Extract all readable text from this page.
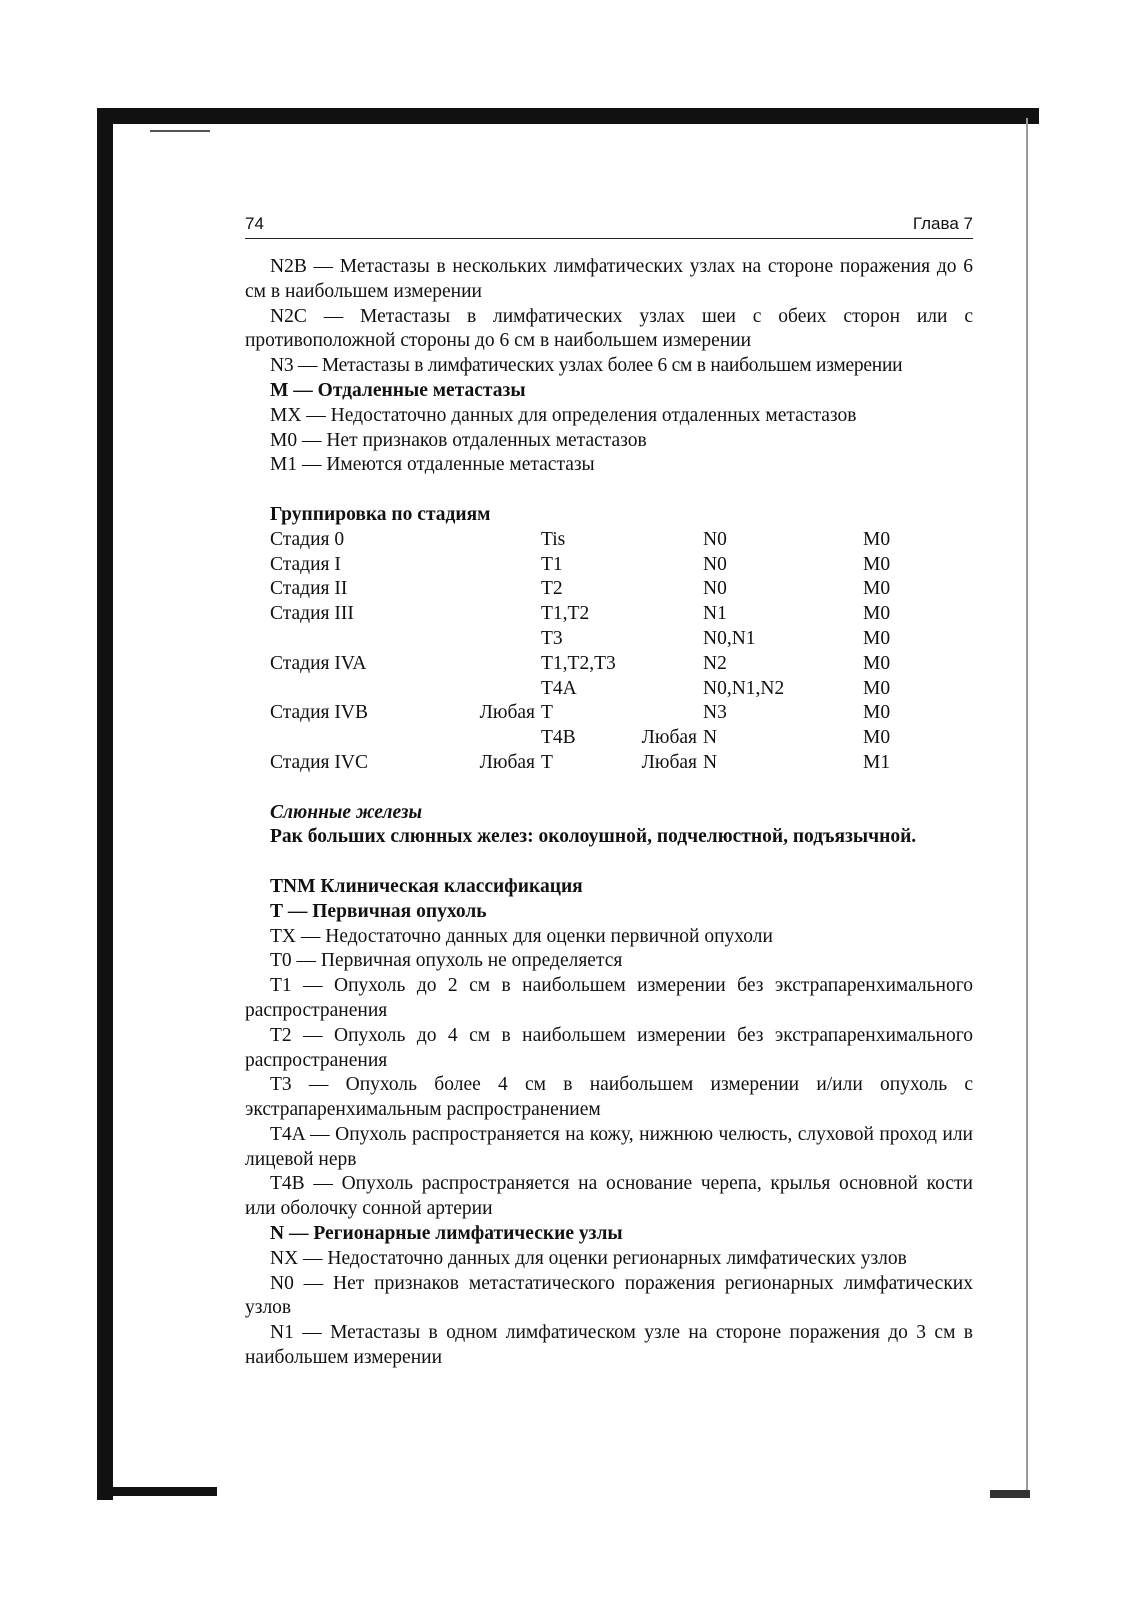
74	Глава 7

N2B — Метастазы в нескольких лимфатических узлах на стороне поражения до 6 см в наибольшем измерении

N2C — Метастазы в лимфатических узлах шеи с обеих сторон или с противоположной стороны до 6 см в наибольшем измерении

N3 — Метастазы в лимфатических узлах более 6 см в наибольшем измерении

М — Отдаленные метастазы

MX — Недостаточно данных для определения отдаленных метастазов

M0 — Нет признаков отдаленных метастазов

M1 — Имеются отдаленные метастазы

Группировка по стадиям

Стадия 0		Tis		N0	M0
Стадия I		T1		N0	M0
Стадия II		T2		N0	M0
Стадия III		T1,T2		N1	M0
		T3		N0,N1	M0
Стадия IVA		T1,T2,T3		N2	M0
		T4A		N0,N1,N2	M0
Стадия IVB	Любая	T		N3	M0
		T4B	Любая	N	M0
Стадия IVC	Любая	T	Любая	N	M1

Слюнные железы

Рак больших слюнных желез: околоушной, подчелюстной, подъязычной.

TNM Клиническая классификация

Т — Первичная опухоль

TX — Недостаточно данных для оценки первичной опухоли

T0 — Первичная опухоль не определяется

T1 — Опухоль до 2 см в наибольшем измерении без экстрапаренхимального распространения

T2 — Опухоль до 4 см в наибольшем измерении без экстрапаренхимального распространения

T3 — Опухоль более 4 см в наибольшем измерении и/или опухоль с экстрапаренхимальным распространением

T4A — Опухоль распространяется на кожу, нижнюю челюсть, слуховой проход или лицевой нерв

T4B — Опухоль распространяется на основание черепа, крылья основной кости или оболочку сонной артерии

N — Регионарные лимфатические узлы

NX — Недостаточно данных для оценки регионарных лимфатических узлов

N0 — Нет признаков метастатического поражения регионарных лимфатических узлов

N1 — Метастазы в одном лимфатическом узле на стороне поражения до 3 см в наибольшем измерении
